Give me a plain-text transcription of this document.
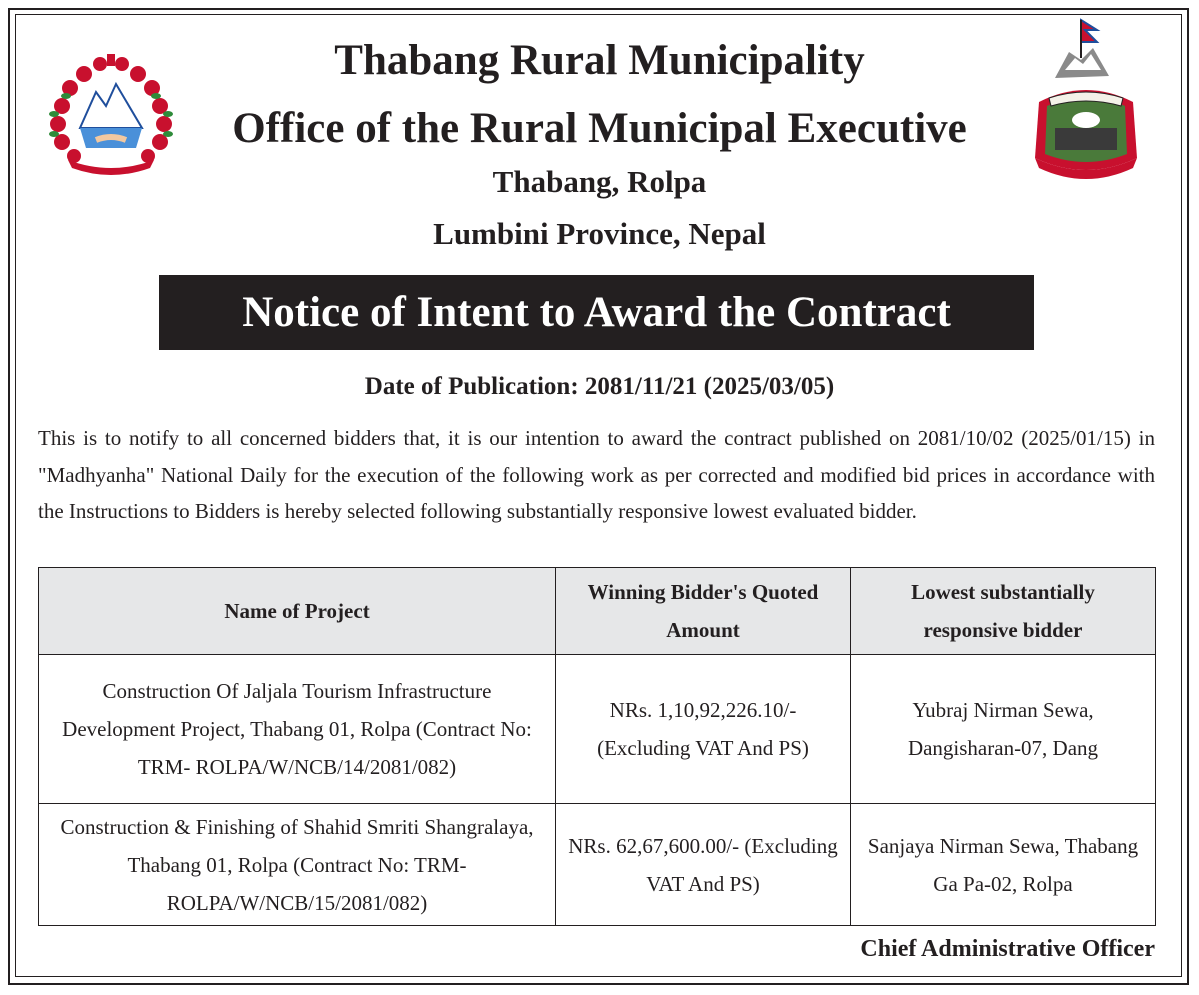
Thabang Rural Municipality
Office of the Rural Municipal Executive
Thabang, Rolpa
Lumbini Province, Nepal
Notice of Intent to Award the Contract
Date of Publication: 2081/11/21 (2025/03/05)
This is to notify to all concerned bidders that, it is our intention to award the contract published on 2081/10/02 (2025/01/15) in "Madhyanha" National Daily for the execution of the following work as per corrected and modified bid prices in accordance with the Instructions to Bidders is hereby selected following substantially responsive lowest evaluated bidder.
Name of Project	Winning Bidder's Quoted Amount	Lowest substantially responsive bidder
Construction Of Jaljala Tourism Infrastructure Development Project, Thabang 01, Rolpa (Contract No: TRM- ROLPA/W/NCB/14/2081/082)	NRs. 1,10,92,226.10/- (Excluding VAT And PS)	Yubraj Nirman Sewa, Dangisharan-07, Dang
Construction & Finishing of Shahid Smriti Shangralaya, Thabang 01, Rolpa (Contract No: TRM-ROLPA/W/NCB/15/2081/082)	NRs. 62,67,600.00/- (Excluding VAT And PS)	Sanjaya Nirman Sewa, Thabang Ga Pa-02, Rolpa
Chief Administrative Officer
